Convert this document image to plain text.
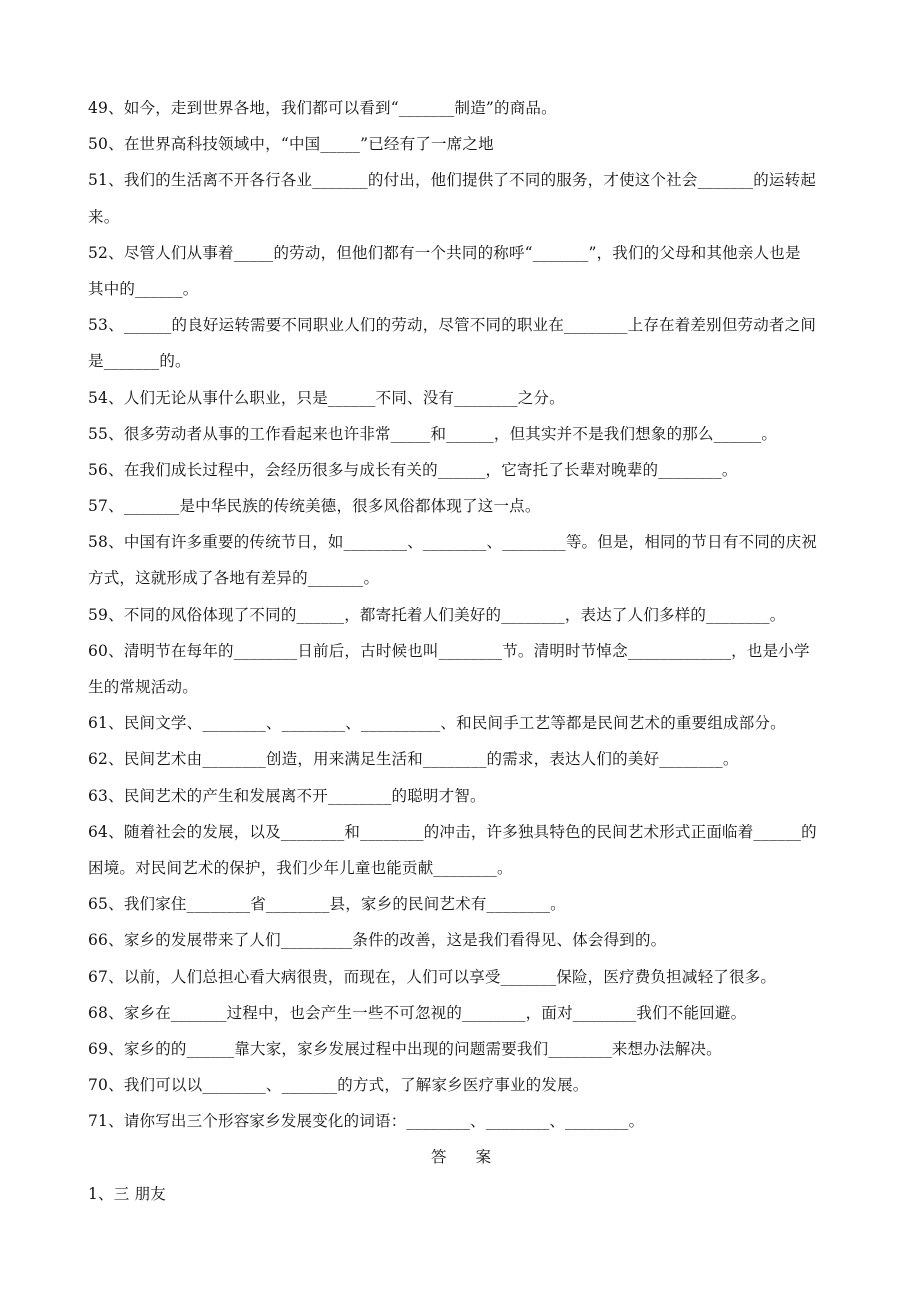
49、如今，走到世界各地，我们都可以看到“_______制造”的商品。
50、在世界高科技领域中，“中国_____”已经有了一席之地
51、我们的生活离不开各行各业_______的付出，他们提供了不同的服务，才使这个社会_______的运转起
来。
52、尽管人们从事着_____的劳动，但他们都有一个共同的称呼“_______”，我们的父母和其他亲人也是
其中的______。
53、______的良好运转需要不同职业人们的劳动，尽管不同的职业在________上存在着差别但劳动者之间
是_______的。
54、人们无论从事什么职业，只是______不同、没有________之分。
55、很多劳动者从事的工作看起来也许非常_____和______，但其实并不是我们想象的那么______。
56、在我们成长过程中，会经历很多与成长有关的______，它寄托了长辈对晚辈的________。
57、_______是中华民族的传统美德，很多风俗都体现了这一点。
58、中国有许多重要的传统节日，如________、________、________等。但是，相同的节日有不同的庆祝
方式，这就形成了各地有差异的_______。
59、不同的风俗体现了不同的______，都寄托着人们美好的________，表达了人们多样的________。
60、清明节在每年的________日前后，古时候也叫________节。清明时节悼念_____________，也是小学
生的常规活动。
61、民间文学、________、________、__________、和民间手工艺等都是民间艺术的重要组成部分。
62、民间艺术由________创造，用来满足生活和________的需求，表达人们的美好________。
63、民间艺术的产生和发展离不开________的聪明才智。
64、随着社会的发展，以及________和________的冲击，许多独具特色的民间艺术形式正面临着______的
困境。对民间艺术的保护，我们少年儿童也能贡献________。
65、我们家住________省________县，家乡的民间艺术有________。
66、家乡的发展带来了人们_________条件的改善，这是我们看得见、体会得到的。
67、以前，人们总担心看大病很贵，而现在，人们可以享受_______保险，医疗费负担减轻了很多。
68、家乡在_______过程中，也会产生一些不可忽视的________，面对________我们不能回避。
69、家乡的的______靠大家，家乡发展过程中出现的问题需要我们________来想办法解决。
70、我们可以以________、_______的方式，了解家乡医疗事业的发展。
71、请你写出三个形容家乡发展变化的词语：________、________、________。
答 案
1、三 朋友
